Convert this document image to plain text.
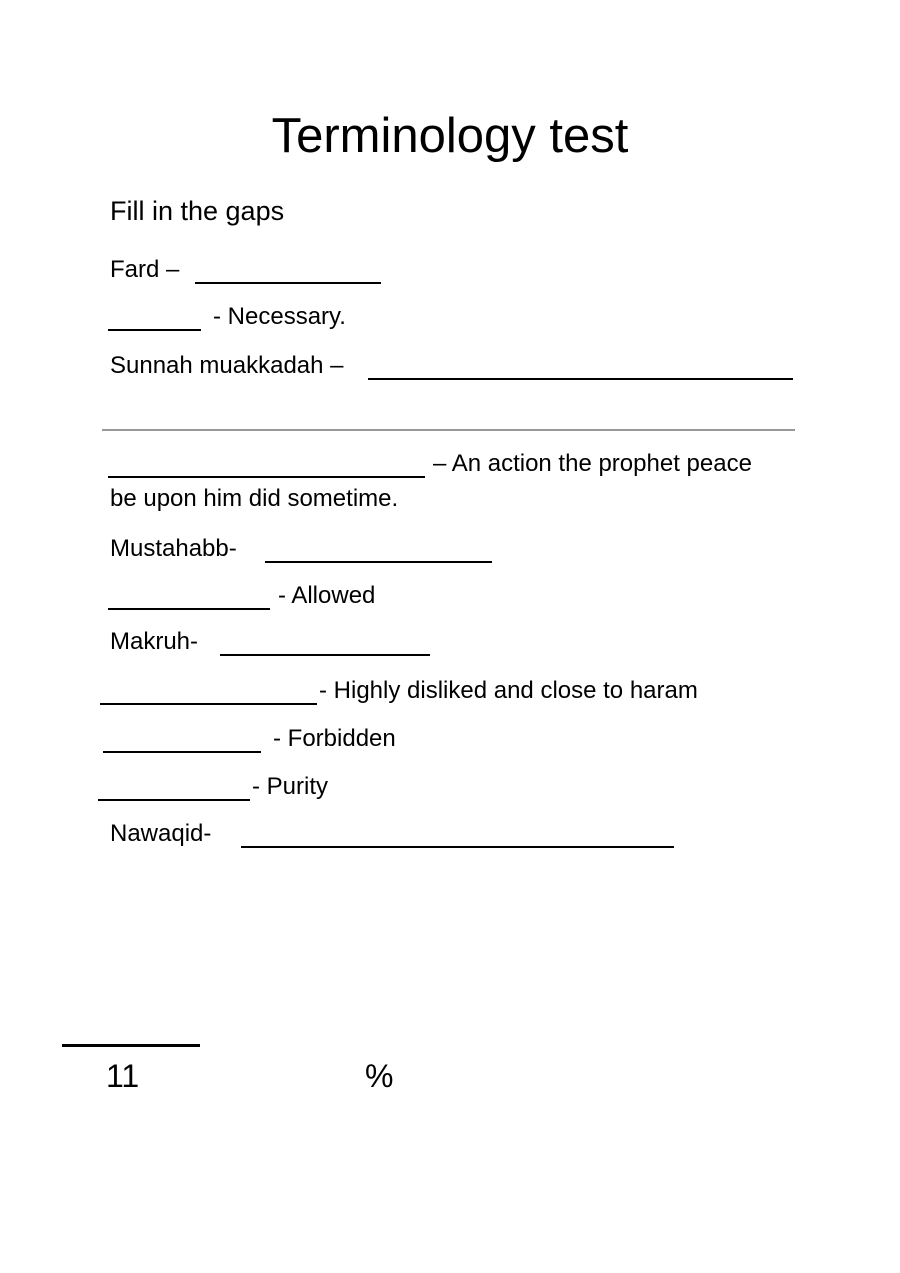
Terminology test
Fill in the gaps
Fard –
- Necessary.
Sunnah muakkadah –
– An action the prophet peace
be upon him did sometime.
Mustahabb-
- Allowed
Makruh-
- Highly disliked and close to haram
- Forbidden
- Purity
Nawaqid-
11	%
